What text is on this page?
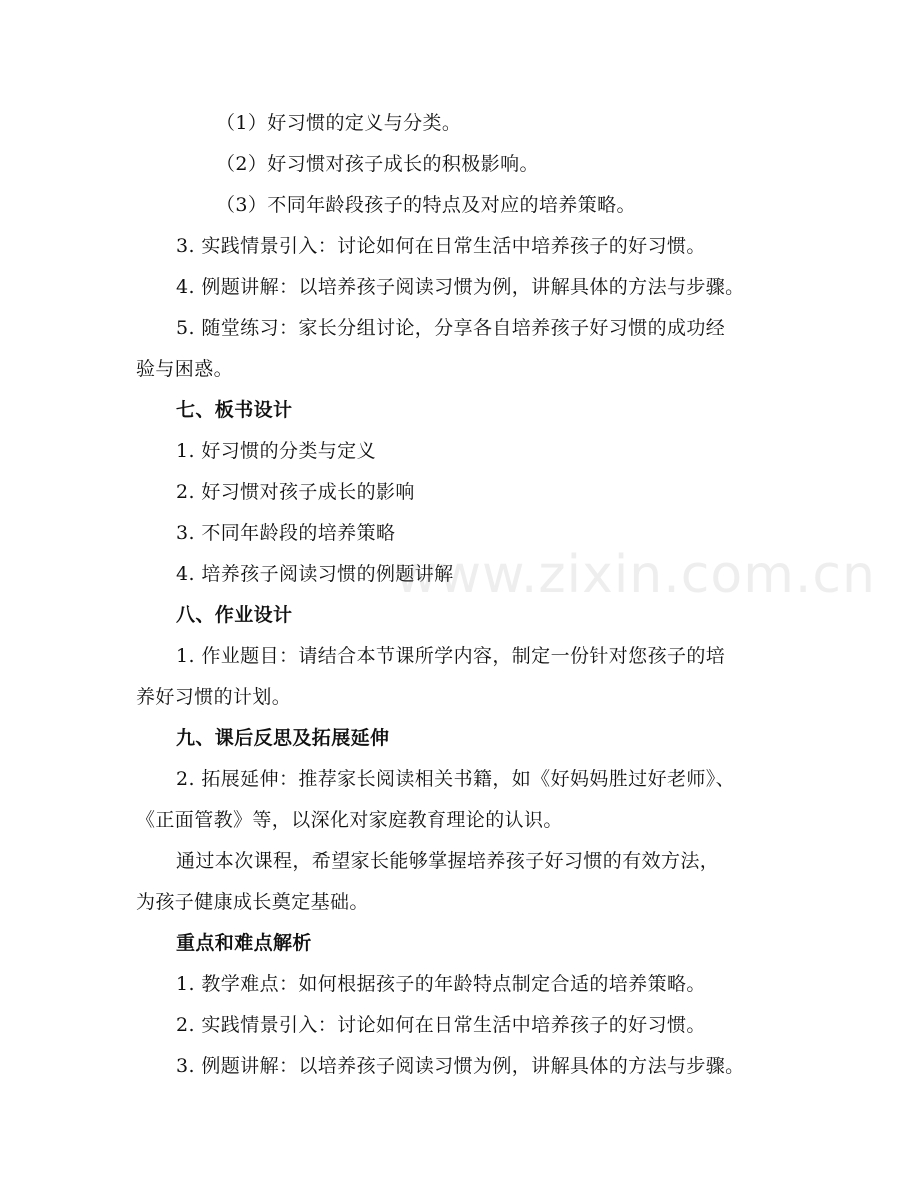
www.zixin.com.cn
（1）好习惯的定义与分类。
（2）好习惯对孩子成长的积极影响。
（3）不同年龄段孩子的特点及对应的培养策略。
3. 实践情景引入：讨论如何在日常生活中培养孩子的好习惯。
4. 例题讲解：以培养孩子阅读习惯为例，讲解具体的方法与步骤。
5. 随堂练习：家长分组讨论，分享各自培养孩子好习惯的成功经
验与困惑。
七、板书设计
1. 好习惯的分类与定义
2. 好习惯对孩子成长的影响
3. 不同年龄段的培养策略
4. 培养孩子阅读习惯的例题讲解
八、作业设计
1. 作业题目：请结合本节课所学内容，制定一份针对您孩子的培
养好习惯的计划。
九、课后反思及拓展延伸
2. 拓展延伸：推荐家长阅读相关书籍，如《好妈妈胜过好老师》、
《正面管教》等，以深化对家庭教育理论的认识。
通过本次课程，希望家长能够掌握培养孩子好习惯的有效方法，
为孩子健康成长奠定基础。
重点和难点解析
1. 教学难点：如何根据孩子的年龄特点制定合适的培养策略。
2. 实践情景引入：讨论如何在日常生活中培养孩子的好习惯。
3. 例题讲解：以培养孩子阅读习惯为例，讲解具体的方法与步骤。
